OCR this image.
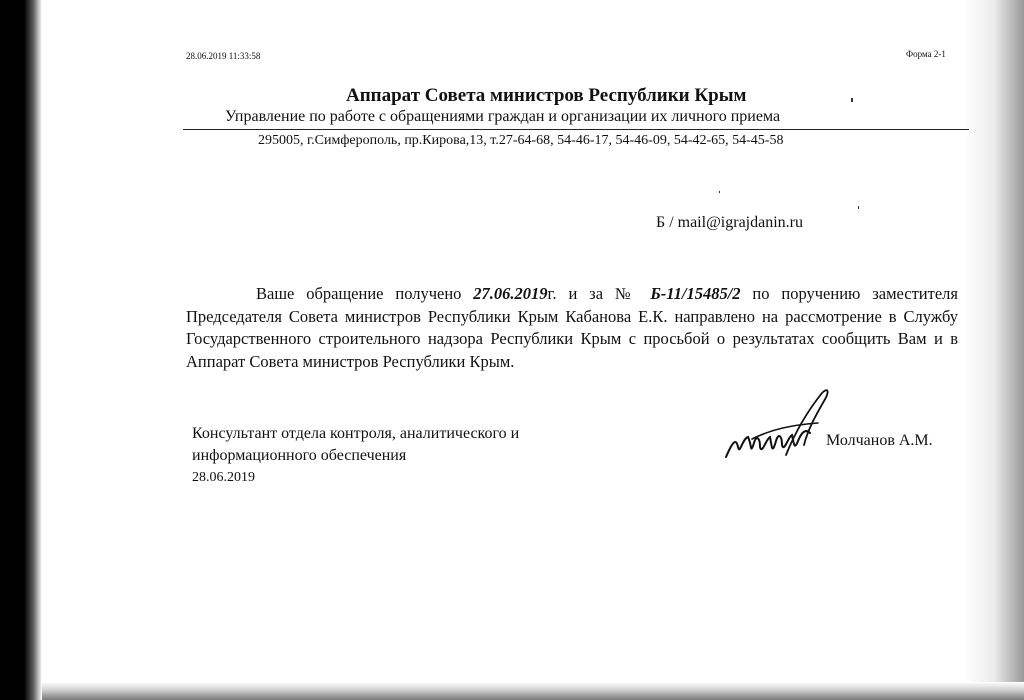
28.06.2019 11:33:58	Форма 2-1
Аппарат Совета министров Республики Крым
Управление по работе с обращениями граждан и организации их личного приема
295005, г.Симферополь, пр.Кирова,13, т.27-64-68, 54-46-17, 54-46-09, 54-42-65, 54-45-58
Б / mail@igrajdanin.ru
Ваше обращение получено 27.06.2019г. и за № Б-11/15485/2 по поручению заместителя Председателя Совета министров Республики Крым Кабанова Е.К. направлено на рассмотрение в Службу Государственного строительного надзора Республики Крым с просьбой о результатах сообщить Вам и в Аппарат Совета министров Республики Крым.
Консультант отдела контроля, аналитического и информационного обеспечения
28.06.2019
Молчанов А.М.
